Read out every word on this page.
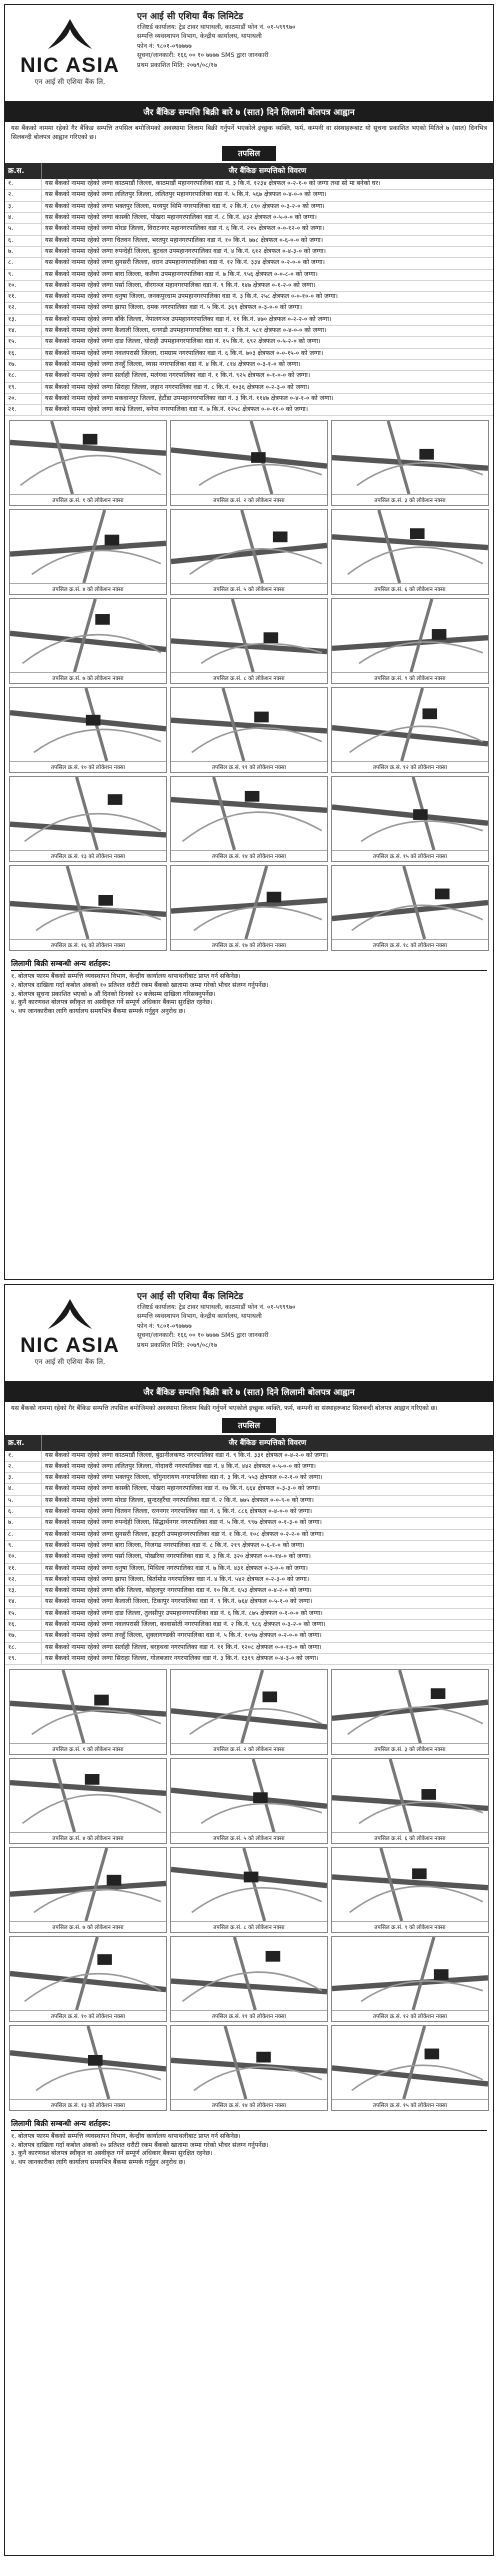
NIC ASIA
एन आई सी एशिया बैंक लि.
एन आई सी एशिया बैंक लिमिटेड
रजिष्टर्ड कार्यालय: ट्रेड टावर थापाथली, काठमाडौं फोन नं. ०१-५९९९७०
सम्पत्ति व्यवस्थापन विभाग, केन्द्रीय कार्यालय, थापाथली
फोन नं: ९८०१-०९७७७७
सूचना/जानकारी: १६६ ०० १० ७७७७ SMS द्वारा जानकारी
प्रथम प्रकाशित मिति: २०७९/०८/१७
जैर बैंकिङ सम्पत्ति बिक्री बारे ७ (सात) दिने लिलामी बोलपत्र आह्वान
यस बैंकको नाममा रहेको गैर बैंकिङ सम्पत्ति तपसिल बमोजिमको अवस्थामा लिलाम बिक्री गर्नुपर्ने भएकोले इच्छुक व्यक्ति, फर्म, कम्पनी वा संस्थाहरूबाट यो सूचना प्रकाशित भएको मितिले ७ (सात) दिनभित्र सिलबन्दी बोलपत्र आह्वान गरिएको छ।
तपसिल
क्र.स.	जैर बैंकिङ सम्पत्तिको विवरण
१.	यस बैंकको नाममा रहेको जग्गा काठमाडौं जिल्ला, काठमाडौं महानगरपालिका वडा नं. ३ कि.नं. १२३४ क्षेत्रफल ०-२-१-० को जग्गा तथा सो मा बनेको घर।
२.	यस बैंकको नाममा रहेको जग्गा ललितपुर जिल्ला, ललितपुर महानगरपालिका वडा नं. ५ कि.नं. ५६७ क्षेत्रफल ०-४-०-० को जग्गा।
३.	यस बैंकको नाममा रहेको जग्गा भक्तपुर जिल्ला, मध्यपुर थिमि नगरपालिका वडा नं. २ कि.नं. ८९० क्षेत्रफल ०-३-२-० को जग्गा।
४.	यस बैंकको नाममा रहेको जग्गा कास्की जिल्ला, पोखरा महानगरपालिका वडा नं. ८ कि.नं. ४३२ क्षेत्रफल ०-५-०-० को जग्गा।
५.	यस बैंकको नाममा रहेको जग्गा मोरङ जिल्ला, विराटनगर महानगरपालिका वडा नं. ६ कि.नं. २१५ क्षेत्रफल ०-०-१२-० को जग्गा।
६.	यस बैंकको नाममा रहेको जग्गा चितवन जिल्ला, भरतपुर महानगरपालिका वडा नं. १० कि.नं. ७७८ क्षेत्रफल ०-६-०-० को जग्गा।
७.	यस बैंकको नाममा रहेको जग्गा रुपन्देही जिल्ला, बुटवल उपमहानगरपालिका वडा नं. ४ कि.नं. ६१२ क्षेत्रफल ०-४-३-० को जग्गा।
८.	यस बैंकको नाममा रहेको जग्गा सुनसरी जिल्ला, धरान उपमहानगरपालिका वडा नं. १२ कि.नं. ३३४ क्षेत्रफल ०-२-०-० को जग्गा।
९.	यस बैंकको नाममा रहेको जग्गा बारा जिल्ला, कलैया उपमहानगरपालिका वडा नं. ७ कि.नं. ९५६ क्षेत्रफल ०-०-८-० को जग्गा।
१०.	यस बैंकको नाममा रहेको जग्गा पर्सा जिल्ला, वीरगञ्ज महानगरपालिका वडा नं. ९ कि.नं. १४७ क्षेत्रफल ०-१-२-० को जग्गा।
११.	यस बैंकको नाममा रहेको जग्गा धनुषा जिल्ला, जनकपुरधाम उपमहानगरपालिका वडा नं. ३ कि.नं. २५८ क्षेत्रफल ०-०-१०-० को जग्गा।
१२.	यस बैंकको नाममा रहेको जग्गा झापा जिल्ला, दमक नगरपालिका वडा नं. ५ कि.नं. ३६९ क्षेत्रफल ०-३-०-० को जग्गा।
१३.	यस बैंकको नाममा रहेको जग्गा बाँके जिल्ला, नेपालगञ्ज उपमहानगरपालिका वडा नं. ११ कि.नं. ४७० क्षेत्रफल ०-२-२-० को जग्गा।
१४.	यस बैंकको नाममा रहेको जग्गा कैलाली जिल्ला, धनगढी उपमहानगरपालिका वडा नं. २ कि.नं. ५८१ क्षेत्रफल ०-४-०-० को जग्गा।
१५.	यस बैंकको नाममा रहेको जग्गा दाङ जिल्ला, घोराही उपमहानगरपालिका वडा नं. १५ कि.नं. ६९२ क्षेत्रफल ०-५-२-० को जग्गा।
१६.	यस बैंकको नाममा रहेको जग्गा नवलपरासी जिल्ला, रामग्राम नगरपालिका वडा नं. ६ कि.नं. ७०३ क्षेत्रफल ०-०-१५-० को जग्गा।
१७.	यस बैंकको नाममा रहेको जग्गा तनहुँ जिल्ला, व्यास नगरपालिका वडा नं. ४ कि.नं. ८१४ क्षेत्रफल ०-३-१-० को जग्गा।
१८.	यस बैंकको नाममा रहेको जग्गा सर्लाही जिल्ला, मलंगवा नगरपालिका वडा नं. १ कि.नं. ९२५ क्षेत्रफल ०-१-०-० को जग्गा।
१९.	यस बैंकको नाममा रहेको जग्गा सिराहा जिल्ला, लहान नगरपालिका वडा नं. ८ कि.नं. १०३६ क्षेत्रफल ०-२-३-० को जग्गा।
२०.	यस बैंकको नाममा रहेको जग्गा मकवानपुर जिल्ला, हेटौंडा उपमहानगरपालिका वडा नं. ३ कि.नं. ११४७ क्षेत्रफल ०-४-१-० को जग्गा।
२१.	यस बैंकको नाममा रहेको जग्गा काभ्रे जिल्ला, बनेपा नगरपालिका वडा नं. ७ कि.नं. १२५८ क्षेत्रफल ०-०-११-० को जग्गा।
तपसिल क्र.सं. १ को लोकेशन नक्सा	तपसिल क्र.सं. २ को लोकेशन नक्सा	तपसिल क्र.सं. ३ को लोकेशन नक्सा
तपसिल क्र.सं. ४ को लोकेशन नक्सा	तपसिल क्र.सं. ५ को लोकेशन नक्सा	तपसिल क्र.सं. ६ को लोकेशन नक्सा
तपसिल क्र.सं. ७ को लोकेशन नक्सा	तपसिल क्र.सं. ८ को लोकेशन नक्सा	तपसिल क्र.सं. ९ को लोकेशन नक्सा
तपसिल क्र.सं. १० को लोकेशन नक्सा	तपसिल क्र.सं. ११ को लोकेशन नक्सा	तपसिल क्र.सं. १२ को लोकेशन नक्सा
तपसिल क्र.सं. १३ को लोकेशन नक्सा	तपसिल क्र.सं. १४ को लोकेशन नक्सा	तपसिल क्र.सं. १५ को लोकेशन नक्सा
तपसिल क्र.सं. १६ को लोकेशन नक्सा	तपसिल क्र.सं. १७ को लोकेशन नक्सा	तपसिल क्र.सं. १८ को लोकेशन नक्सा
लिलामी बिक्री सम्बन्धी अन्य शर्तहरू:
१. बोलपत्र फारम बैंकको सम्पत्ति व्यवस्थापन विभाग, केन्द्रीय कार्यालय थापाथलीबाट प्राप्त गर्न सकिनेछ।
२. बोलपत्र दाखिला गर्दा कबोल अंकको १० प्रतिशत धरौटी रकम बैंकको खातामा जम्मा गरेको भौचर संलग्न गर्नुपर्नेछ।
३. बोलपत्र सूचना प्रकाशित भएको ७ औं दिनको दिनको १२ बजेसम्म दाखिला गरिसक्नुपर्नेछ।
४. कुनै कारणवश बोलपत्र स्वीकृत वा अस्वीकृत गर्ने सम्पूर्ण अधिकार बैंकमा सुरक्षित रहनेछ।
५. थप जानकारीका लागि कार्यालय समयभित्र बैंकमा सम्पर्क गर्नुहुन अनुरोध छ।
NIC ASIA
एन आई सी एशिया बैंक लि.
एन आई सी एशिया बैंक लिमिटेड
रजिष्टर्ड कार्यालय: ट्रेड टावर थापाथली, काठमाडौं फोन नं. ०१-५९९९७०
सम्पत्ति व्यवस्थापन विभाग, केन्द्रीय कार्यालय, थापाथली
फोन नं: ९८०१-०९७७७७
सूचना/जानकारी: १६६ ०० १० ७७७७ SMS द्वारा जानकारी
प्रथम प्रकाशित मिति: २०७९/०८/१७
जैर बैंकिङ सम्पत्ति बिक्री बारे ७ (सात) दिने लिलामी बोलपत्र आह्वान
यस बैंकको नाममा रहेको गैर बैंकिङ सम्पत्ति तपसिल बमोजिमको अवस्थामा लिलाम बिक्री गर्नुपर्ने भएकोले इच्छुक व्यक्ति, फर्म, कम्पनी वा संस्थाहरूबाट सिलबन्दी बोलपत्र आह्वान गरिएको छ।
तपसिल
क्र.स.	जैर बैंकिङ सम्पत्तिको विवरण
१.	यस बैंकको नाममा रहेको जग्गा काठमाडौं जिल्ला, बुढानीलकण्ठ नगरपालिका वडा नं. ९ कि.नं. ३३१ क्षेत्रफल ०-४-२-० को जग्गा।
२.	यस बैंकको नाममा रहेको जग्गा ललितपुर जिल्ला, गोदावरी नगरपालिका वडा नं. ४ कि.नं. ४४२ क्षेत्रफल ०-५-०-० को जग्गा।
३.	यस बैंकको नाममा रहेको जग्गा भक्तपुर जिल्ला, चाँगुनारायण नगरपालिका वडा नं. ३ कि.नं. ५५३ क्षेत्रफल ०-२-१-० को जग्गा।
४.	यस बैंकको नाममा रहेको जग्गा कास्की जिल्ला, पोखरा महानगरपालिका वडा नं. १७ कि.नं. ६६४ क्षेत्रफल ०-३-३-० को जग्गा।
५.	यस बैंकको नाममा रहेको जग्गा मोरङ जिल्ला, सुन्दरहरैंचा नगरपालिका वडा नं. २ कि.नं. ७७५ क्षेत्रफल ०-०-९-० को जग्गा।
६.	यस बैंकको नाममा रहेको जग्गा चितवन जिल्ला, रत्ननगर नगरपालिका वडा नं. ६ कि.नं. ८८६ क्षेत्रफल ०-४-०-० को जग्गा।
७.	यस बैंकको नाममा रहेको जग्गा रुपन्देही जिल्ला, सिद्धार्थनगर नगरपालिका वडा नं. ५ कि.नं. ९९७ क्षेत्रफल ०-१-३-० को जग्गा।
८.	यस बैंकको नाममा रहेको जग्गा सुनसरी जिल्ला, इटहरी उपमहानगरपालिका वडा नं. १ कि.नं. १०८ क्षेत्रफल ०-२-२-० को जग्गा।
९.	यस बैंकको नाममा रहेको जग्गा बारा जिल्ला, निजगढ नगरपालिका वडा नं. ८ कि.नं. २१९ क्षेत्रफल ०-६-१-० को जग्गा।
१०.	यस बैंकको नाममा रहेको जग्गा पर्सा जिल्ला, पोखरिया नगरपालिका वडा नं. ३ कि.नं. ३२० क्षेत्रफल ०-०-१४-० को जग्गा।
११.	यस बैंकको नाममा रहेको जग्गा धनुषा जिल्ला, मिथिला नगरपालिका वडा नं. ७ कि.नं. ४३१ क्षेत्रफल ०-३-०-० को जग्गा।
१२.	यस बैंकको नाममा रहेको जग्गा झापा जिल्ला, बिर्तामोड नगरपालिका वडा नं. ४ कि.नं. ५४२ क्षेत्रफल ०-२-३-० को जग्गा।
१३.	यस बैंकको नाममा रहेको जग्गा बाँके जिल्ला, कोहलपुर नगरपालिका वडा नं. १० कि.नं. ६५३ क्षेत्रफल ०-४-२-० को जग्गा।
१४.	यस बैंकको नाममा रहेको जग्गा कैलाली जिल्ला, टिकापुर नगरपालिका वडा नं. ९ कि.नं. ७६४ क्षेत्रफल ०-५-१-० को जग्गा।
१५.	यस बैंकको नाममा रहेको जग्गा दाङ जिल्ला, तुलसीपुर उपमहानगरपालिका वडा नं. ६ कि.नं. ८७५ क्षेत्रफल ०-१-०-० को जग्गा।
१६.	यस बैंकको नाममा रहेको जग्गा नवलपरासी जिल्ला, कावासोती नगरपालिका वडा नं. २ कि.नं. ९८६ क्षेत्रफल ०-३-२-० को जग्गा।
१७.	यस बैंकको नाममा रहेको जग्गा तनहुँ जिल्ला, शुक्लागण्डकी नगरपालिका वडा नं. ५ कि.नं. १०९७ क्षेत्रफल ०-२-०-० को जग्गा।
१८.	यस बैंकको नाममा रहेको जग्गा सर्लाही जिल्ला, बरहथवा नगरपालिका वडा नं. ११ कि.नं. १२०८ क्षेत्रफल ०-०-१३-० को जग्गा।
१९.	यस बैंकको नाममा रहेको जग्गा सिराहा जिल्ला, गोलबजार नगरपालिका वडा नं. ३ कि.नं. १३१९ क्षेत्रफल ०-४-३-० को जग्गा।
तपसिल क्र.सं. १ को लोकेशन नक्सा	तपसिल क्र.सं. २ को लोकेशन नक्सा	तपसिल क्र.सं. ३ को लोकेशन नक्सा
तपसिल क्र.सं. ४ को लोकेशन नक्सा	तपसिल क्र.सं. ५ को लोकेशन नक्सा	तपसिल क्र.सं. ६ को लोकेशन नक्सा
तपसिल क्र.सं. ७ को लोकेशन नक्सा	तपसिल क्र.सं. ८ को लोकेशन नक्सा	तपसिल क्र.सं. ९ को लोकेशन नक्सा
तपसिल क्र.सं. १० को लोकेशन नक्सा	तपसिल क्र.सं. ११ को लोकेशन नक्सा	तपसिल क्र.सं. १२ को लोकेशन नक्सा
तपसिल क्र.सं. १३ को लोकेशन नक्सा	तपसिल क्र.सं. १४ को लोकेशन नक्सा	तपसिल क्र.सं. १५ को लोकेशन नक्सा
लिलामी बिक्री सम्बन्धी अन्य शर्तहरू:
१. बोलपत्र फारम बैंकको सम्पत्ति व्यवस्थापन विभाग, केन्द्रीय कार्यालय थापाथलीबाट प्राप्त गर्न सकिनेछ।
२. बोलपत्र दाखिला गर्दा कबोल अंकको १० प्रतिशत धरौटी रकम बैंकको खातामा जम्मा गरेको भौचर संलग्न गर्नुपर्नेछ।
३. कुनै कारणवश बोलपत्र स्वीकृत वा अस्वीकृत गर्ने सम्पूर्ण अधिकार बैंकमा सुरक्षित रहनेछ।
४. थप जानकारीका लागि कार्यालय समयभित्र बैंकमा सम्पर्क गर्नुहुन अनुरोध छ।
